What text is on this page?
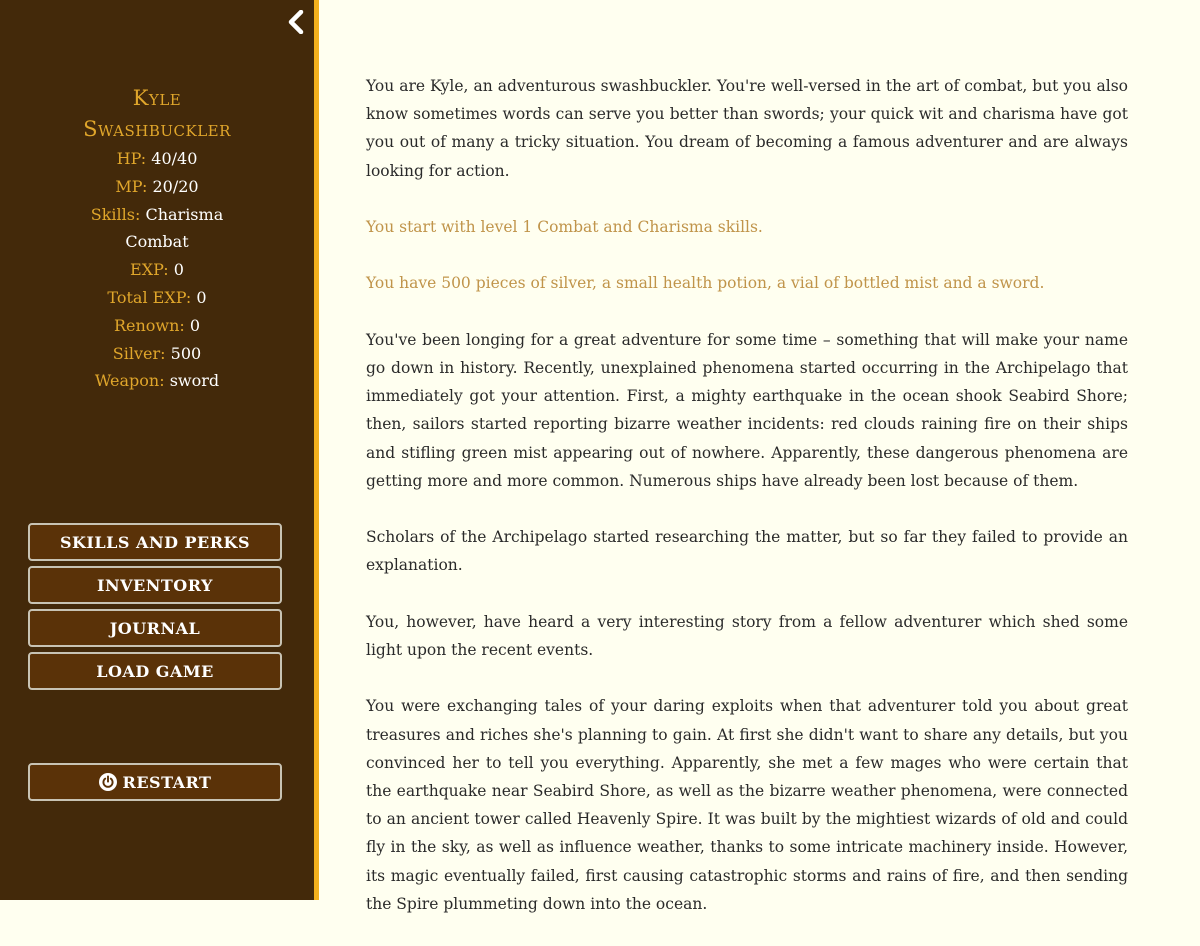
Kyle
Swashbuckler
HP: 40/40
MP: 20/20
Skills: Charisma
Combat
EXP: 0
Total EXP: 0
Renown: 0
Silver: 500
Weapon: sword
SKILLS AND PERKS
INVENTORY
JOURNAL
LOAD GAME
RESTART

You are Kyle, an adventurous swashbuckler. You're well-versed in the art of combat, but you also know sometimes words can serve you better than swords; your quick wit and charisma have got you out of many a tricky situation. You dream of becoming a famous adventurer and are always looking for action.

You start with level 1 Combat and Charisma skills.

You have 500 pieces of silver, a small health potion, a vial of bottled mist and a sword.

You've been longing for a great adventure for some time – something that will make your name go down in history. Recently, unexplained phenomena started occurring in the Archipelago that immediately got your attention. First, a mighty earthquake in the ocean shook Seabird Shore; then, sailors started reporting bizarre weather incidents: red clouds raining fire on their ships and stifling green mist appearing out of nowhere. Apparently, these dangerous phenomena are getting more and more common. Numerous ships have already been lost because of them.

Scholars of the Archipelago started researching the matter, but so far they failed to provide an explanation.

You, however, have heard a very interesting story from a fellow adventurer which shed some light upon the recent events.

You were exchanging tales of your daring exploits when that adventurer told you about great treasures and riches she's planning to gain. At first she didn't want to share any details, but you convinced her to tell you everything. Apparently, she met a few mages who were certain that the earthquake near Seabird Shore, as well as the bizarre weather phenomena, were connected to an ancient tower called Heavenly Spire. It was built by the mightiest wizards of old and could fly in the sky, as well as influence weather, thanks to some intricate machinery inside. However, its magic eventually failed, first causing catastrophic storms and rains of fire, and then sending the Spire plummeting down into the ocean.
